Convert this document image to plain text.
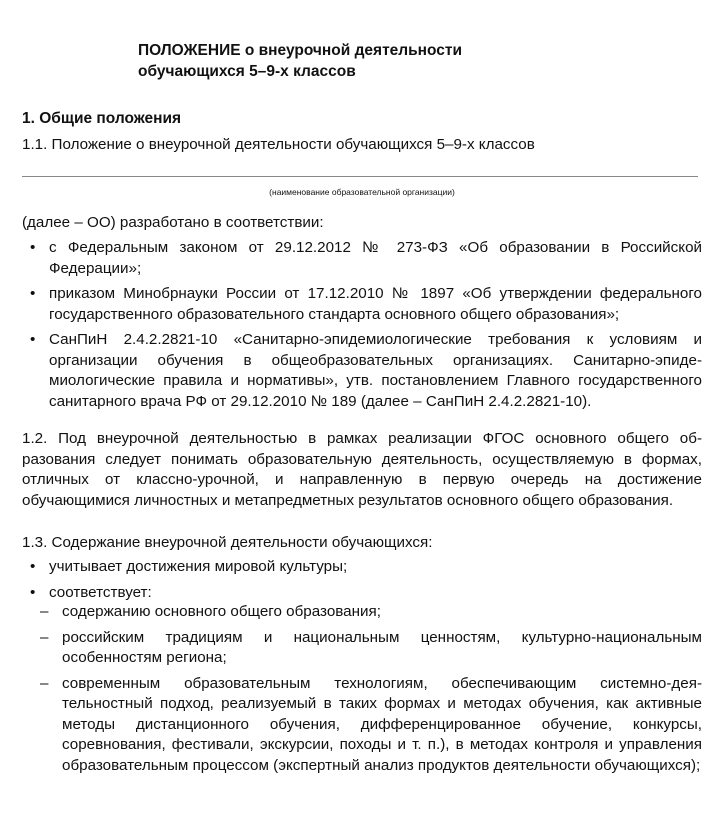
ПОЛОЖЕНИЕ о внеурочной деятельности
обучающихся 5–9-х классов
1. Общие положения

1.1. Положение о внеурочной деятельности обучающихся 5–9-х классов

(наименование образовательной организации)

(далее – ОО) разработано в соответствии:

• с Федеральным законом от 29.12.2012 № 273-ФЗ «Об образовании в Российской Федерации»;
• приказом Минобрнауки России от 17.12.2010 № 1897 «Об утверждении федерального государственного образовательного стандарта основного общего образования»;
• СанПиН 2.4.2.2821-10 «Санитарно-эпидемиологические требования к условиям и организации обучения в общеобразовательных организациях. Санитарно-эпидемиологические правила и нормативы», утв. постановлением Главного государственного санитарного врача РФ от 29.12.2010 № 189 (далее – СанПиН 2.4.2.2821-10).

1.2. Под внеурочной деятельностью в рамках реализации ФГОС основного общего образования следует понимать образовательную деятельность, осуществляемую в формах, отличных от классно-урочной, и направленную в первую очередь на достижение обучающимися личностных и метапредметных результатов основного общего образования.

1.3. Содержание внеурочной деятельности обучающихся:

• учитывает достижения мировой культуры;
• соответствует:
– содержанию основного общего образования;
– российским традициям и национальным ценностям, культурно-национальным особенностям региона;
– современным образовательным технологиям, обеспечивающим системно-деятельностный подход, реализуемый в таких формах и методах обучения, как активные методы дистанционного обучения, дифференцированное обучение, конкурсы, соревнования, фестивали, экскурсии, походы и т. п.), в методах контроля и управления образовательным процессом (экспертный анализ продуктов деятельности обучающихся);
